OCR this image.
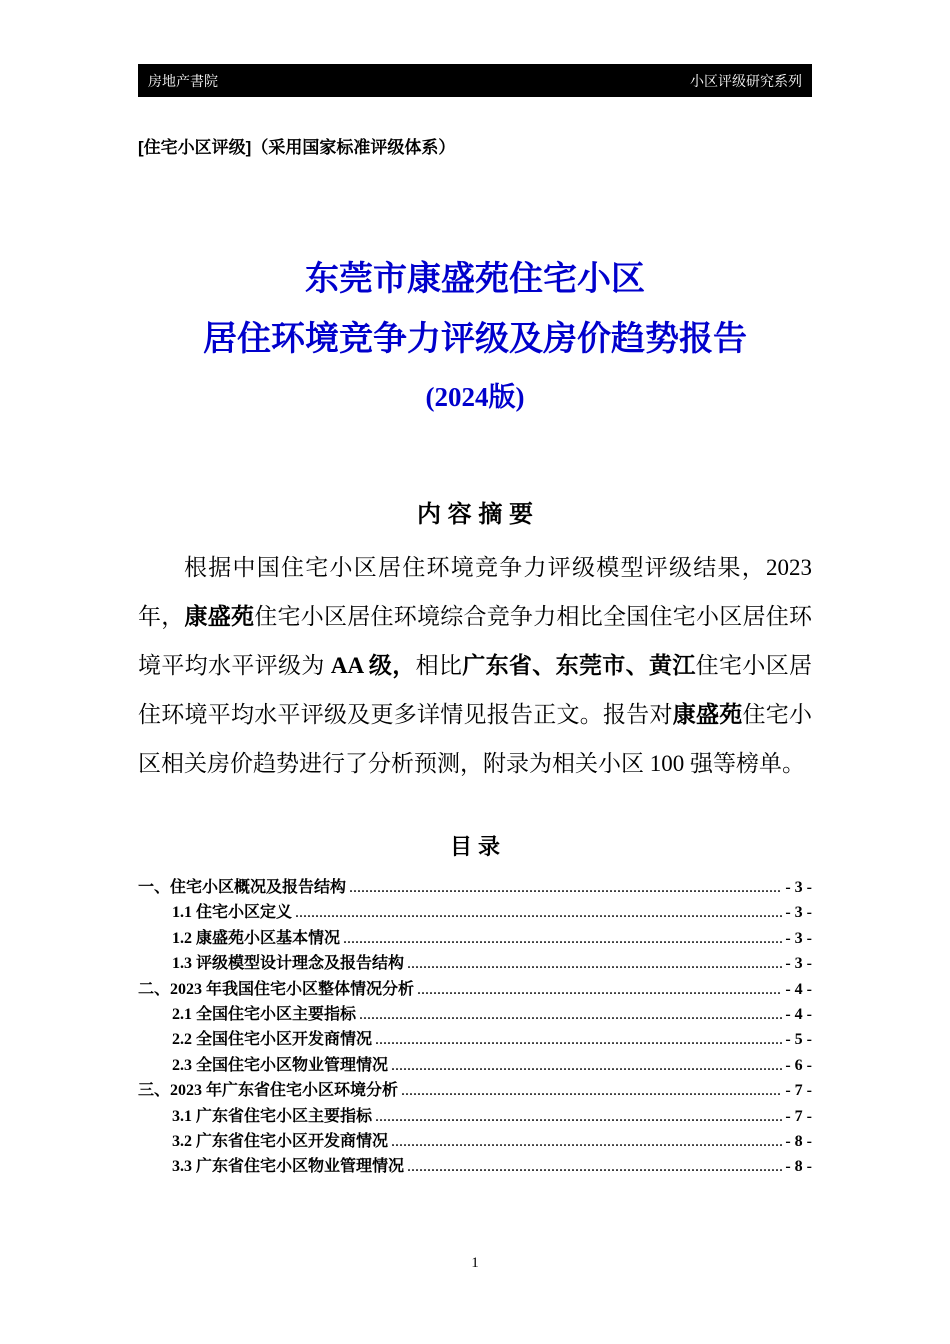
房地产書院	小区评级研究系列
[住宅小区评级]（采用国家标准评级体系）
东莞市康盛苑住宅小区
居住环境竞争力评级及房价趋势报告
(2024版)
内 容 摘 要

根据中国住宅小区居住环境竞争力评级模型评级结果，2023 年，康盛苑住宅小区居住环境综合竞争力相比全国住宅小区居住环境平均水平评级为 AA 级，相比广东省、东莞市、黄江住宅小区居住环境平均水平评级及更多详情见报告正文。报告对康盛苑住宅小区相关房价趋势进行了分析预测，附录为相关小区 100 强等榜单。

目 录
一、住宅小区概况及报告结构 .....	- 3 -
1.1 住宅小区定义 .....	- 3 -
1.2 康盛苑小区基本情况 .....	- 3 -
1.3 评级模型设计理念及报告结构 .....	- 3 -
二、2023 年我国住宅小区整体情况分析 .....	- 4 -
2.1 全国住宅小区主要指标 .....	- 4 -
2.2 全国住宅小区开发商情况 .....	- 5 -
2.3 全国住宅小区物业管理情况 .....	- 6 -
三、2023 年广东省住宅小区环境分析 .....	- 7 -
3.1 广东省住宅小区主要指标 .....	- 7 -
3.2 广东省住宅小区开发商情况 .....	- 8 -
3.3 广东省住宅小区物业管理情况 .....	- 8 -
1
